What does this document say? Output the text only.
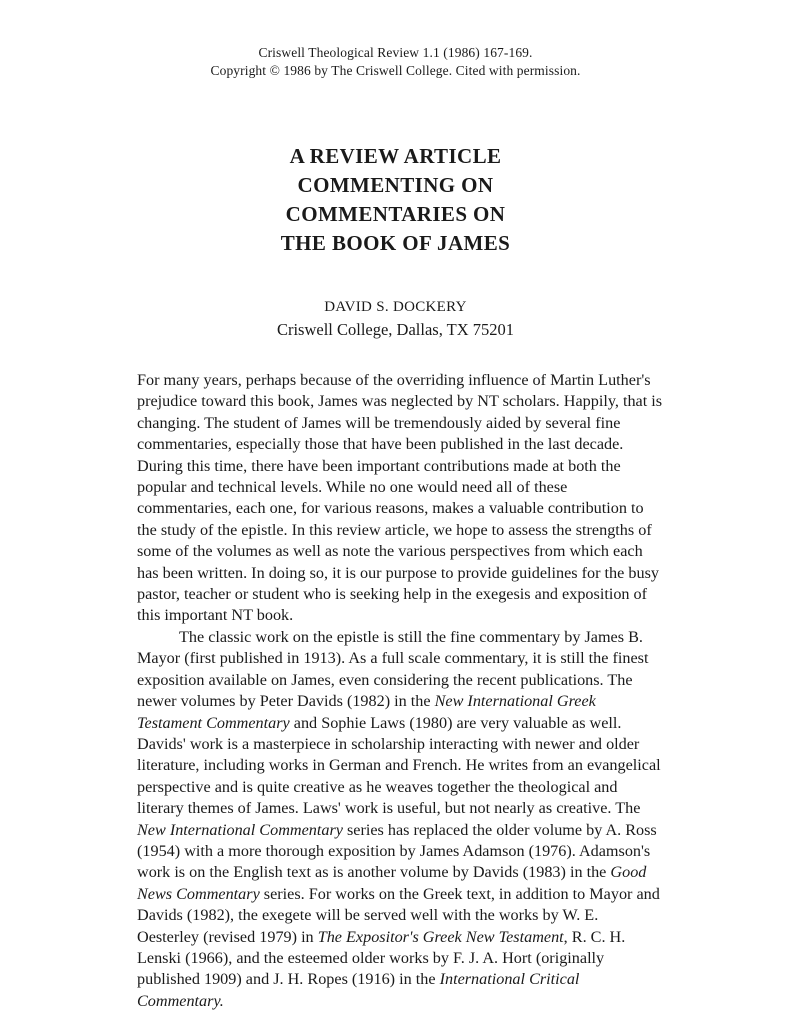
Criswell Theological Review 1.1 (1986) 167-169.
Copyright © 1986 by The Criswell College. Cited with permission.
A REVIEW ARTICLE
COMMENTING ON
COMMENTARIES ON
THE BOOK OF JAMES
DAVID S. DOCKERY
Criswell College, Dallas, TX 75201

For many years, perhaps because of the overriding influence of Martin Luther's prejudice toward this book, James was neglected by NT scholars. Happily, that is changing. The student of James will be tremendously aided by several fine commentaries, especially those that have been published in the last decade. During this time, there have been important contributions made at both the popular and technical levels. While no one would need all of these commentaries, each one, for various reasons, makes a valuable contribution to the study of the epistle. In this review article, we hope to assess the strengths of some of the volumes as well as note the various perspectives from which each has been written. In doing so, it is our purpose to provide guidelines for the busy pastor, teacher or student who is seeking help in the exegesis and exposition of this important NT book.

The classic work on the epistle is still the fine commentary by James B. Mayor (first published in 1913). As a full scale commentary, it is still the finest exposition available on James, even considering the recent publications. The newer volumes by Peter Davids (1982) in the New International Greek Testament Commentary and Sophie Laws (1980) are very valuable as well. Davids' work is a masterpiece in scholarship interacting with newer and older literature, including works in German and French. He writes from an evangelical perspective and is quite creative as he weaves together the theological and literary themes of James. Laws' work is useful, but not nearly as creative. The New International Commentary series has replaced the older volume by A. Ross (1954) with a more thorough exposition by James Adamson (1976). Adamson's work is on the English text as is another volume by Davids (1983) in the Good News Commentary series. For works on the Greek text, in addition to Mayor and Davids (1982), the exegete will be served well with the works by W. E. Oesterley (revised 1979) in The Expositor's Greek New Testament, R. C. H. Lenski (1966), and the esteemed older works by F. J. A. Hort (originally published 1909) and J. H. Ropes (1916) in the International Critical Commentary.
